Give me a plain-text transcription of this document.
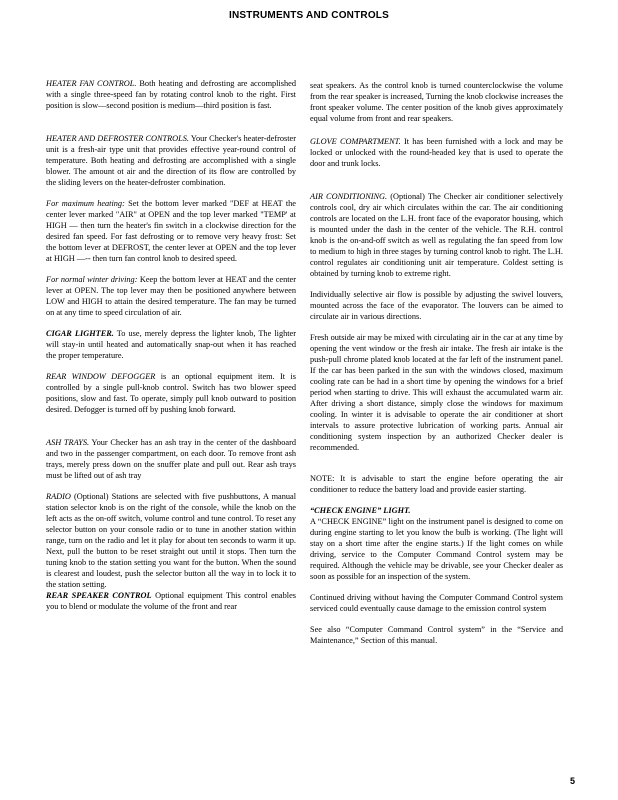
INSTRUMENTS AND CONTROLS

HEATER FAN CONTROL. Both heating and defrosting are accomplished with a single three-speed fan by rotating control knob to the right. First position is slow—second position is medium—third position is fast.

HEATER AND DEFROSTER CONTROLS. Your Checker's heater-defroster unit is a fresh-air type unit that provides effective year-round control of temperature. Both heating and defrosting are accomplished with a single blower. The amount ot air and the direction of its flow are controlled by the sliding levers on the heater-defroster combination.

For maximum heating: Set the bottom lever marked "DEF at HEAT the center lever marked "AIR" at OPEN and the top lever marked "TEMP' at HIGH — then turn the heater's fin switch in a clockwise direction for the desired fan speed. For fast defrosting or to remove very heavy frost: Set the bottom lever at DEFROST, the center lever at OPEN and the top lever at HIGH —-- then turn fan control knob to desired speed.

For normal winter driving: Keep the bottom lever at HEAT and the center lever at OPEN. The top lever may then be positioned anywhere between LOW and HIGH to attain the desired temperature. The fan may be turned on at any time to speed circulation of air.

CIGAR LIGHTER. To use, merely depress the lighter knob, The lighter will stay-in until heated and automatically snap-out when it has reached the proper temperature.

REAR WINDOW DEFOGGER is an optional equipment item. It is controlled by a single pull-knob control. Switch has two blower speed positions, slow and fast. To operate, simply pull knob outward to position desired. Defogger is turned off by pushing knob forward.

ASH TRAYS. Your Checker has an ash tray in the center of the dashboard and two in the passenger compartment, on each door. To remove front ash trays, merely press down on the snuffer plate and pull out. Rear ash trays must be lifted out of ash tray

RADIO (Optional) Stations are selected with five pushbuttons, A manual station selector knob is on the right of the console, while the knob on the left acts as the on-off switch, volume control and tune control. To reset any selector button on your console radio or to tune in another station within range, turn on the radio and let it play for about ten seconds to warm it up. Next, pull the button to be reset straight out until it stops. Then turn the tuning knob to the station setting you want for the button. When the sound is clearest and loudest, push the selector button all the way in to lock it to the station setting.

REAR SPEAKER CONTROL Optional equipment This control enables you to blend or modulate the volume of the front and rear

seat speakers. As the control knob is turned counterclockwise the volume from the rear speaker is increased, Turning the knob clockwise increases the front speaker volume. The center position of the knob gives approximately equal volume from front and rear speakers.

GLOVE COMPARTMENT. It has been furnished with a lock and may be locked or unlocked with the round-headed key that is used to operate the door and trunk locks.

AIR CONDITIONING. (Optional) The Checker air conditioner selectively controls cool, dry air which circulates within the car. The air conditioning controls are located on the L.H. front face of the evaporator housing, which is mounted under the dash in the center of the vehicle. The R.H. control knob is the on-and-off switch as well as regulating the fan speed from low to medium to high in three stages by turning control knob to right. The L.H. control regulates air conditioning unit air temperature. Coldest setting is obtained by turning knob to extreme right.

Individually selective air flow is possible by adjusting the swivel louvers, mounted across the face of the evaporator. The louvers can be aimed to circulate air in various directions.

Fresh outside air may be mixed with circulating air in the car at any time by opening the vent window or the fresh air intake. The fresh air intake is the push-pull chrome plated knob located at the far left of the instrument panel. If the car has been parked in the sun with the windows closed, maximum cooling rate can be had in a short time by opening the windows for a brief period when starting to drive. This will exhaust the accumulated warm air. After driving a short distance, simply close the windows for maximum cooling. In winter it is advisable to operate the air conditioner at short intervals to assure protective lubrication of working parts. Annual air conditioning system inspection by an authorized Checker dealer is recommended.

NOTE: It is advisable to start the engine before operating the air conditioner to reduce the battery load and provide easier starting.

“CHECK ENGINE” LIGHT.
A “CHECK ENGINE” light on the instrument panel is designed to come on during engine starting to let you know the bulb is working. (The light will stay on a short time after the engine starts.) If the light comes on while driving, service to the Computer Command Control system may be required. Although the vehicle may be drivable, see your Checker dealer as soon as possible for an inspection of the system.

Continued driving without having the Computer Command Control system serviced could eventually cause damage to the emission control system

See also “Computer Command Control system” in the “Service and Maintenance,” Section of this manual.

5
